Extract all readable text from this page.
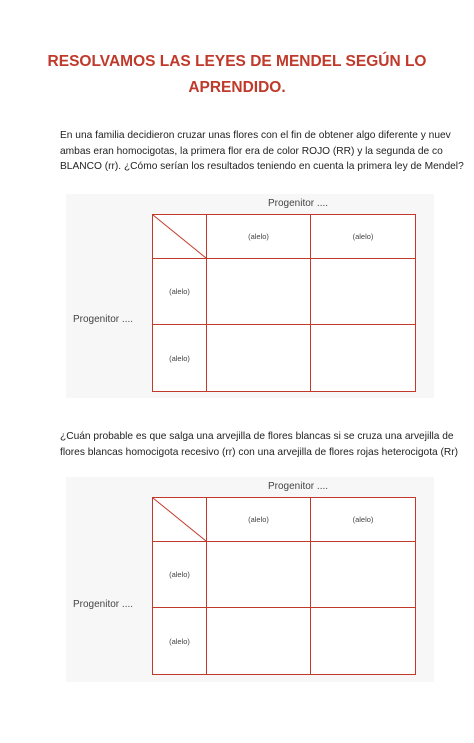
RESOLVAMOS LAS LEYES DE MENDEL SEGÚN LO
APRENDIDO.
En una familia decidieron cruzar unas flores con el fin de obtener algo diferente y nuev
ambas eran homocigotas, la primera flor era de color ROJO (RR) y la segunda de co
BLANCO (rr). ¿Cómo serían los resultados teniendo en cuenta la primera ley de Mendel?
Progenitor ....
Progenitor ....
(alelo)	(alelo)
(alelo)
(alelo)
¿Cuán probable es que salga una arvejilla de flores blancas si se cruza una arvejilla de
flores blancas homocigota recesivo (rr) con una arvejilla de flores rojas heterocigota (Rr)
Progenitor ....
Progenitor ....
(alelo)	(alelo)
(alelo)
(alelo)
